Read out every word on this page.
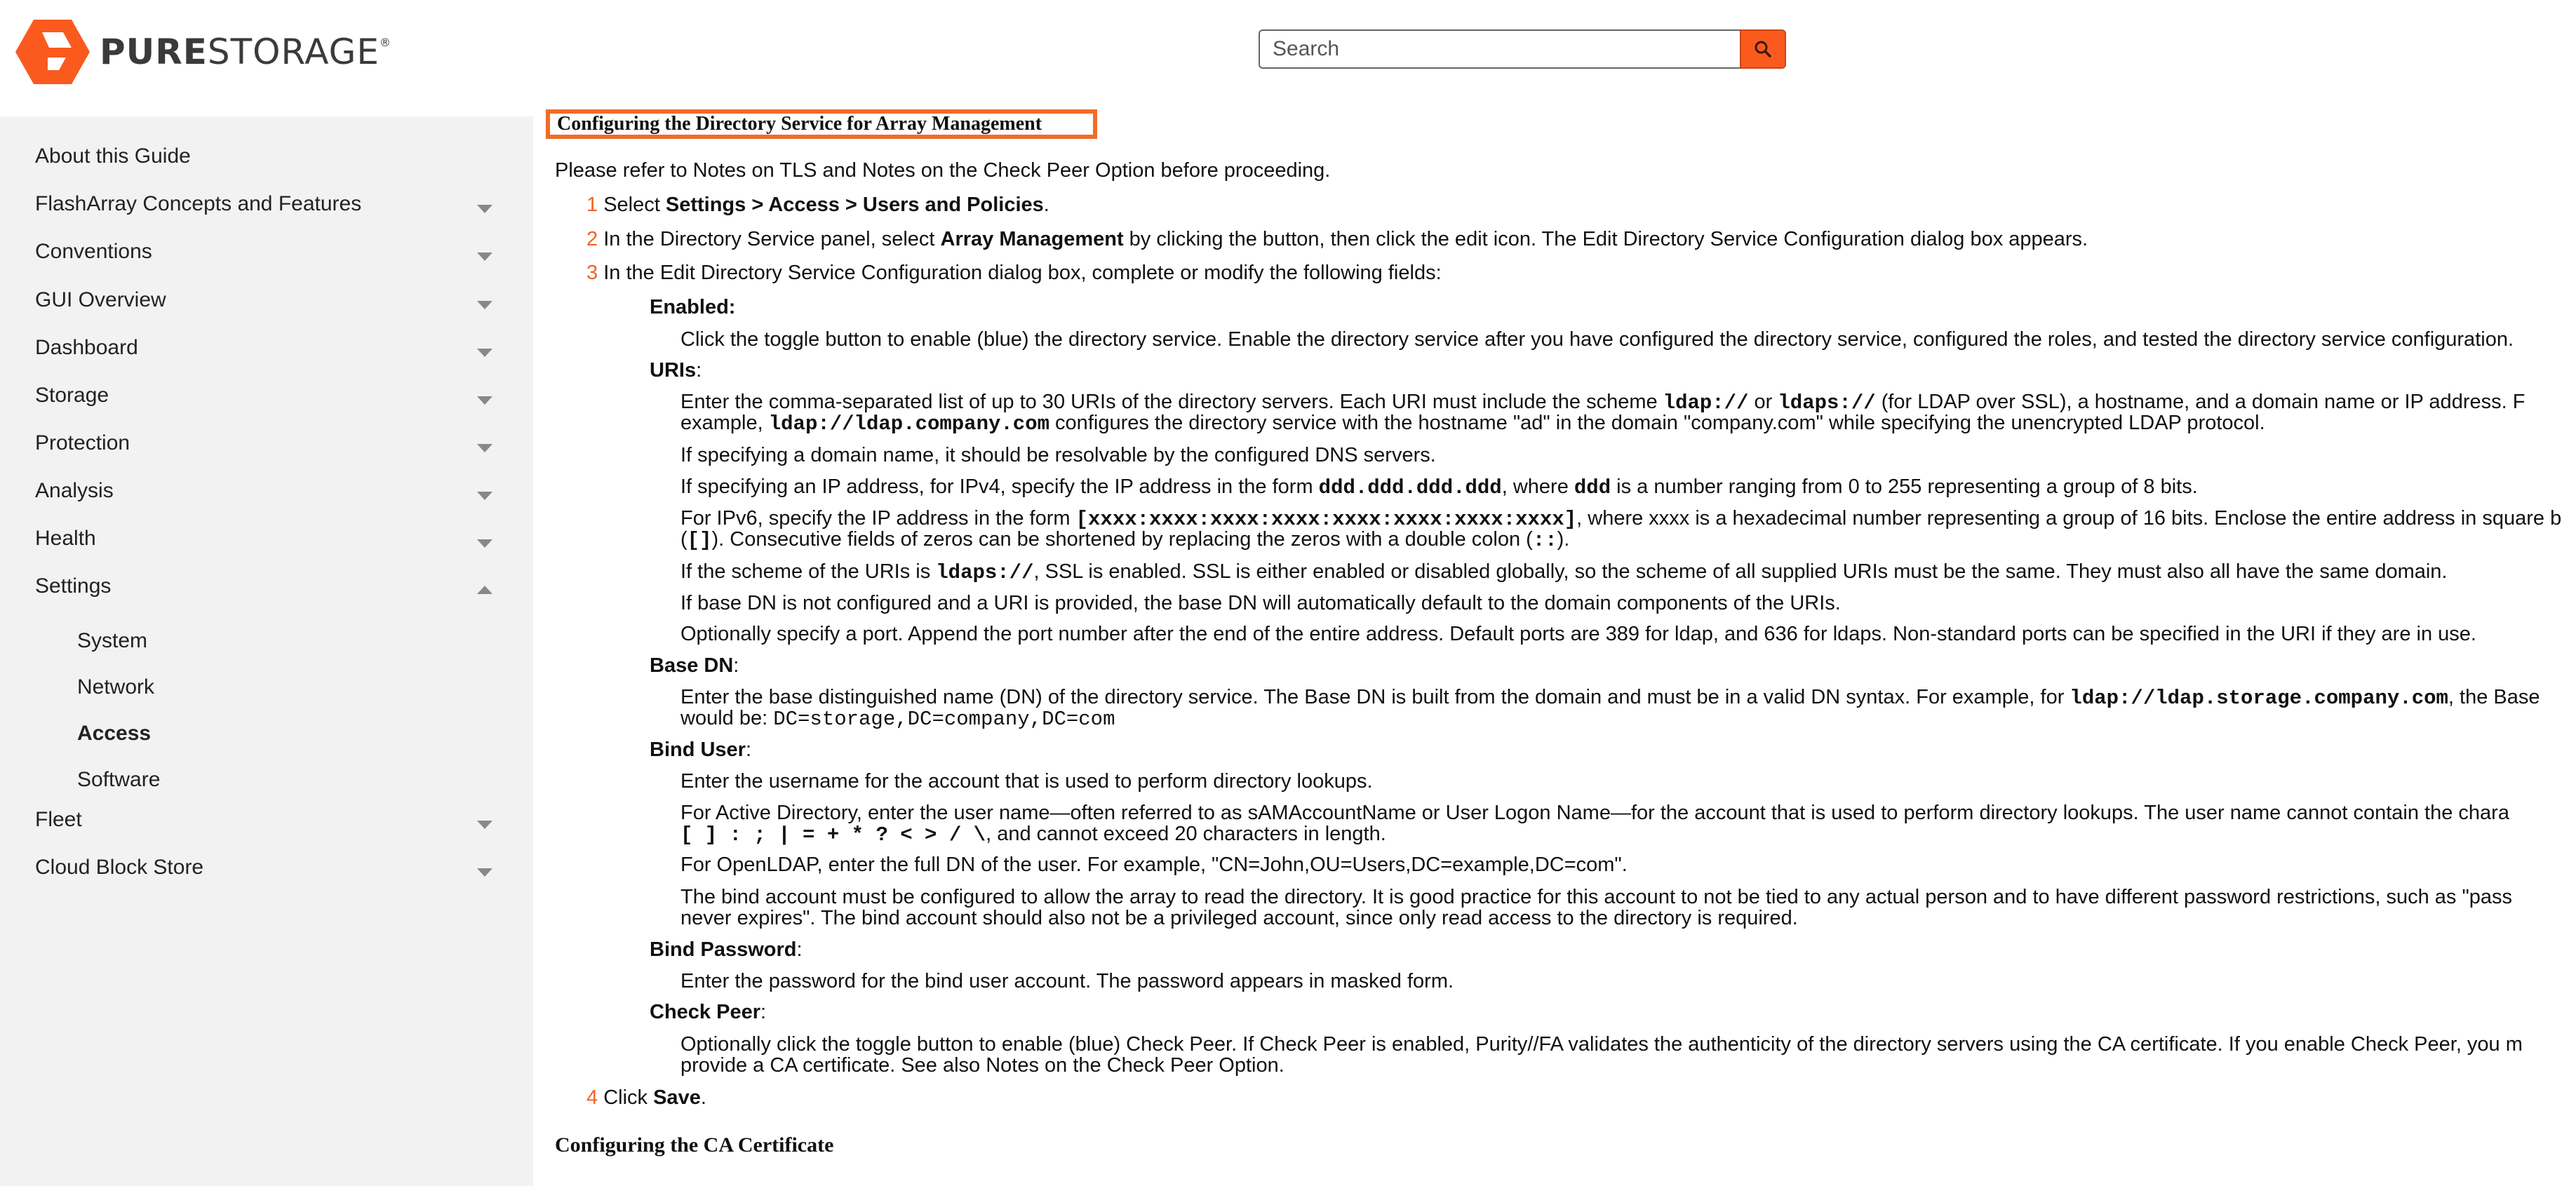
PURESTORAGE®
Search
About this Guide
FlashArray Concepts and Features
Conventions
GUI Overview
Dashboard
Storage
Protection
Analysis
Health
Settings
System
Network
Access
Software
Fleet
Cloud Block Store
Configuring the Directory Service for Array Management
Please refer to Notes on TLS and Notes on the Check Peer Option before proceeding.
1 Select Settings > Access > Users and Policies.
2 In the Directory Service panel, select Array Management by clicking the button, then click the edit icon. The Edit Directory Service Configuration dialog box appears.
3 In the Edit Directory Service Configuration dialog box, complete or modify the following fields:
Enabled:
Click the toggle button to enable (blue) the directory service. Enable the directory service after you have configured the directory service, configured the roles, and tested the directory service configuration.
URIs:
Enter the comma-separated list of up to 30 URIs of the directory servers. Each URI must include the scheme ldap:// or ldaps:// (for LDAP over SSL), a hostname, and a domain name or IP address. F
example, ldap://ldap.company.com configures the directory service with the hostname "ad" in the domain "company.com" while specifying the unencrypted LDAP protocol.
If specifying a domain name, it should be resolvable by the configured DNS servers.
If specifying an IP address, for IPv4, specify the IP address in the form ddd.ddd.ddd.ddd, where ddd is a number ranging from 0 to 255 representing a group of 8 bits.
For IPv6, specify the IP address in the form [xxxx:xxxx:xxxx:xxxx:xxxx:xxxx:xxxx:xxxx], where xxxx is a hexadecimal number representing a group of 16 bits. Enclose the entire address in square b
([]). Consecutive fields of zeros can be shortened by replacing the zeros with a double colon (::).
If the scheme of the URIs is ldaps://, SSL is enabled. SSL is either enabled or disabled globally, so the scheme of all supplied URIs must be the same. They must also all have the same domain.
If base DN is not configured and a URI is provided, the base DN will automatically default to the domain components of the URIs.
Optionally specify a port. Append the port number after the end of the entire address. Default ports are 389 for ldap, and 636 for ldaps. Non-standard ports can be specified in the URI if they are in use.
Base DN:
Enter the base distinguished name (DN) of the directory service. The Base DN is built from the domain and must be in a valid DN syntax. For example, for ldap://ldap.storage.company.com, the Base
would be: DC=storage,DC=company,DC=com
Bind User:
Enter the username for the account that is used to perform directory lookups.
For Active Directory, enter the user name—often referred to as sAMAccountName or User Logon Name—for the account that is used to perform directory lookups. The user name cannot contain the chara
[ ] : ; | = + * ? < > / \, and cannot exceed 20 characters in length.
For OpenLDAP, enter the full DN of the user. For example, "CN=John,OU=Users,DC=example,DC=com".
The bind account must be configured to allow the array to read the directory. It is good practice for this account to not be tied to any actual person and to have different password restrictions, such as "pass
never expires". The bind account should also not be a privileged account, since only read access to the directory is required.
Bind Password:
Enter the password for the bind user account. The password appears in masked form.
Check Peer:
Optionally click the toggle button to enable (blue) Check Peer. If Check Peer is enabled, Purity//FA validates the authenticity of the directory servers using the CA certificate. If you enable Check Peer, you m
provide a CA certificate. See also Notes on the Check Peer Option.
4 Click Save.
Configuring the CA Certificate
